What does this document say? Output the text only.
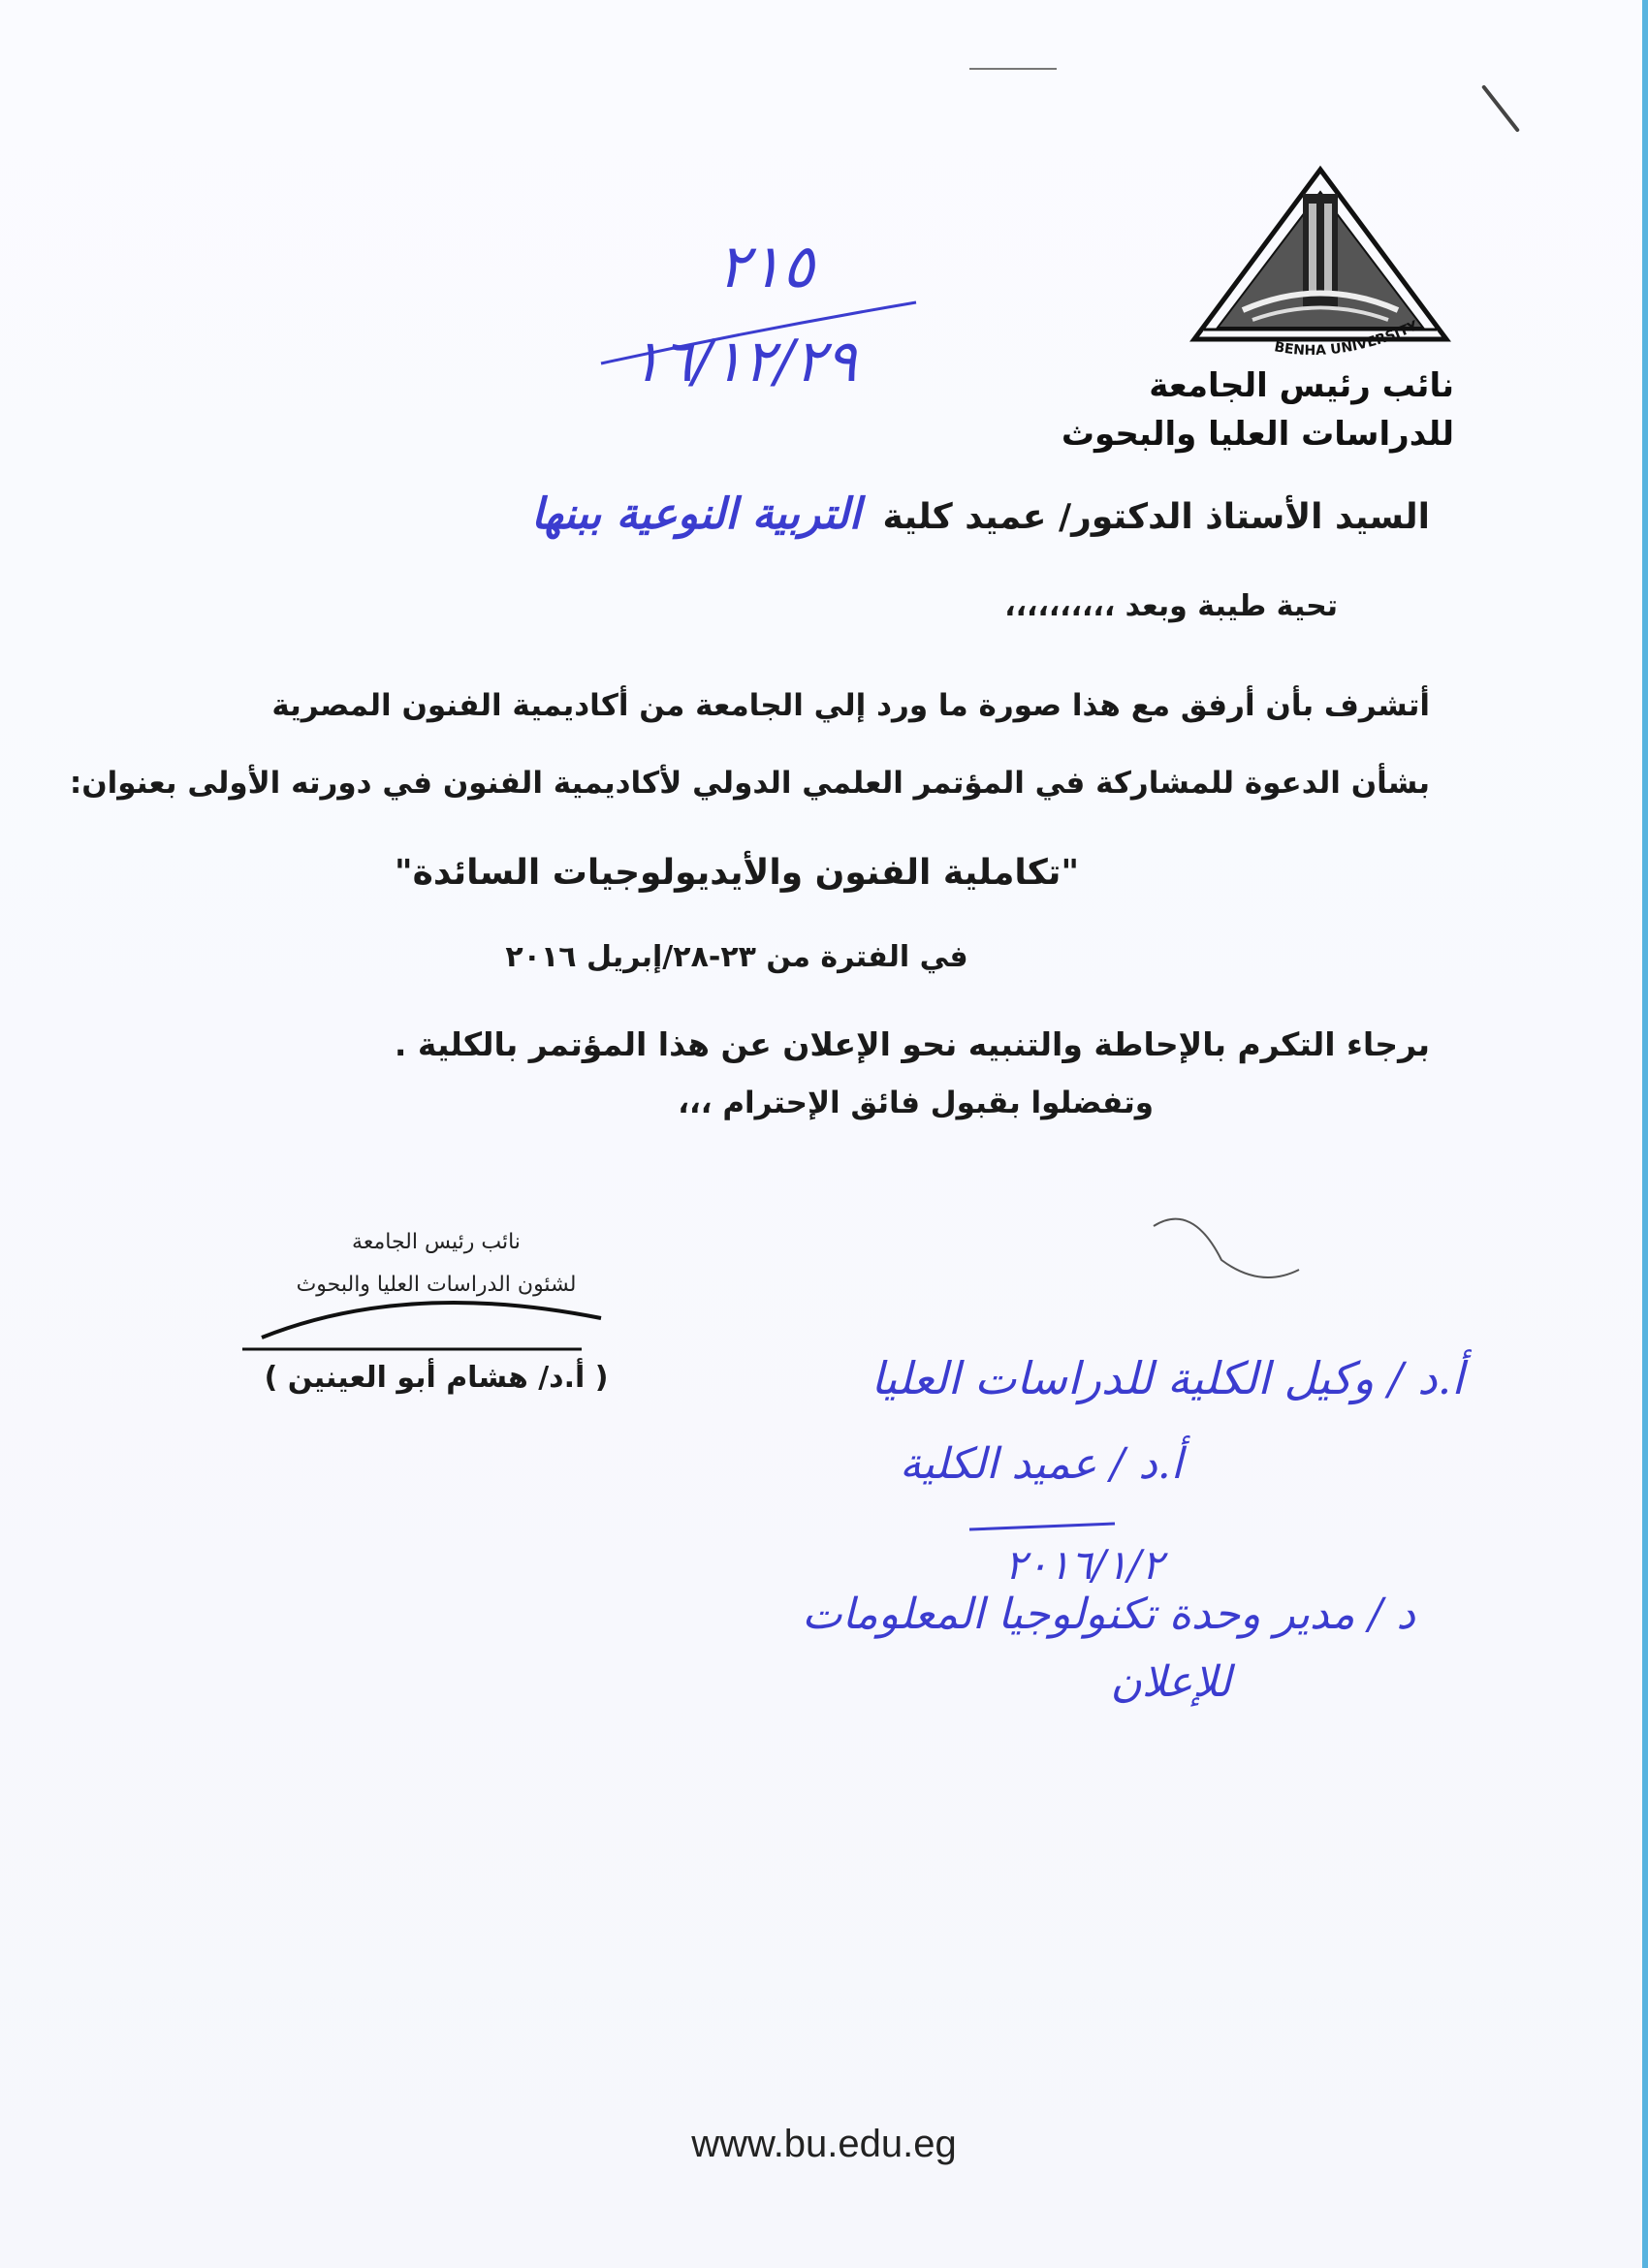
BENHA UNIVERSITY
نائب رئيس الجامعة
للدراسات العليا والبحوث
٢١٥
١٦/١٢/٢٩
السيد الأستاذ الدكتور/ عميد كلية التربية النوعية ببنها
تحية طيبة وبعد ،،،،،،،،،،
أتشرف بأن أرفق مع هذا صورة ما ورد إلي الجامعة من أكاديمية الفنون المصرية
بشأن الدعوة للمشاركة في المؤتمر العلمي الدولي لأكاديمية الفنون في دورته الأولى بعنوان:
"تكاملية الفنون والأيديولوجيات السائدة"
في الفترة من ٢٣-٢٨/إبريل ٢٠١٦
برجاء التكرم بالإحاطة والتنبيه نحو الإعلان عن هذا المؤتمر بالكلية .
وتفضلوا بقبول فائق الإحترام ،،،
نائب رئيس الجامعة
لشئون الدراسات العليا والبحوث
( أ.د/ هشام أبو العينين )	أ.د / وكيل الكلية للدراسات العليا
أ.د / عميد الكلية
٢٠١٦/١/٢
د / مدير وحدة تكنولوجيا المعلومات
للإعلان
www.bu.edu.eg
